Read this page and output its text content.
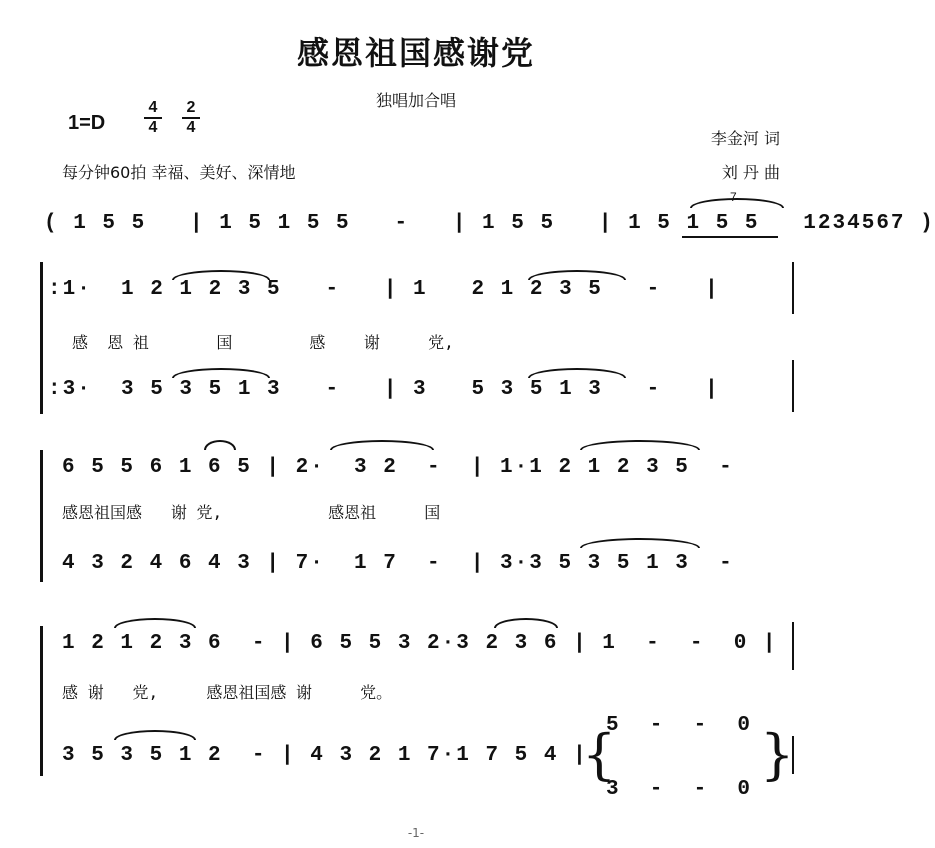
感恩祖国感谢党
独唱加合唱
1=D
4
4
2
4
李金河 词
刘 丹 曲
每分钟60拍 幸福、美好、深情地
7
( 1 5 5   | 1 5 1 5 5   -   | 1 5 5   | 1 5 1 5 5   1234567 )
:1·  1 2 1 2 3 5   -   | 1   2 1 2 3 5   -   |
感  恩 祖       国        感    谢     党,
:3·  3 5 3 5 1 3   -   | 3   5 3 5 1 3   -   |
6 5 5 6 1 6 5 | 2·  3 2  -  | 1·1 2 1 2 3 5  -
感恩祖国感   谢 党,           感恩祖     国
4 3 2 4 6 4 3 | 7·  1 7  -  | 3·3 5 3 5 1 3  -
1 2 1 2 3 6  - | 6 5 5 3 2·3 2 3 6 | 1  -  -  0 |
感 谢   党,     感恩祖国感 谢     党。
3 5 3 5 1 2  - | 4 3 2 1 7·1 7 5 4 |
{	}
5  -  -  0
3  -  -  0
-1-
